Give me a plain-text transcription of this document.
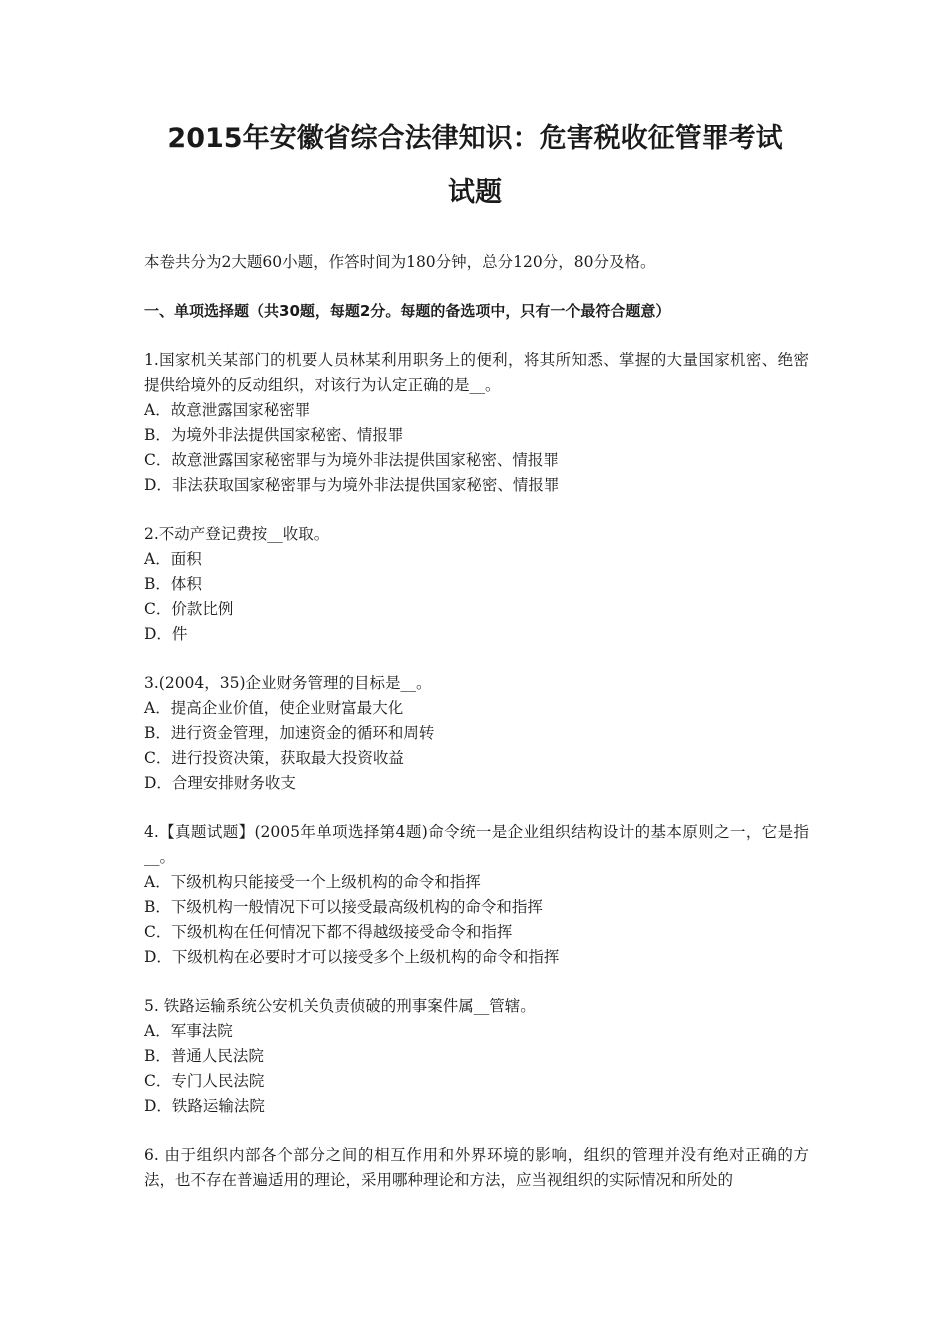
2015年安徽省综合法律知识：危害税收征管罪考试
试题

本卷共分为2大题60小题，作答时间为180分钟，总分120分，80分及格。

一、单项选择题（共30题，每题2分。每题的备选项中，只有一个最符合题意）

1.国家机关某部门的机要人员林某利用职务上的便利，将其所知悉、掌握的大量国家机密、绝密提供给境外的反动组织，对该行为认定正确的是__。

A．故意泄露国家秘密罪

B．为境外非法提供国家秘密、情报罪

C．故意泄露国家秘密罪与为境外非法提供国家秘密、情报罪

D．非法获取国家秘密罪与为境外非法提供国家秘密、情报罪

2.不动产登记费按__收取。

A．面积

B．体积

C．价款比例

D．件

3.(2004，35)企业财务管理的目标是__。

A．提高企业价值，使企业财富最大化

B．进行资金管理，加速资金的循环和周转

C．进行投资决策，获取最大投资收益

D．合理安排财务收支

4.【真题试题】(2005年单项选择第4题)命令统一是企业组织结构设计的基本原则之一，它是指__。

A．下级机构只能接受一个上级机构的命令和指挥

B．下级机构一般情况下可以接受最高级机构的命令和指挥

C．下级机构在任何情况下都不得越级接受命令和指挥

D．下级机构在必要时才可以接受多个上级机构的命令和指挥

5. 铁路运输系统公安机关负责侦破的刑事案件属__管辖。

A．军事法院

B．普通人民法院

C．专门人民法院

D．铁路运输法院

6. 由于组织内部各个部分之间的相互作用和外界环境的影响，组织的管理并没有绝对正确的方法，也不存在普遍适用的理论，采用哪种理论和方法，应当视组织的实际情况和所处的
